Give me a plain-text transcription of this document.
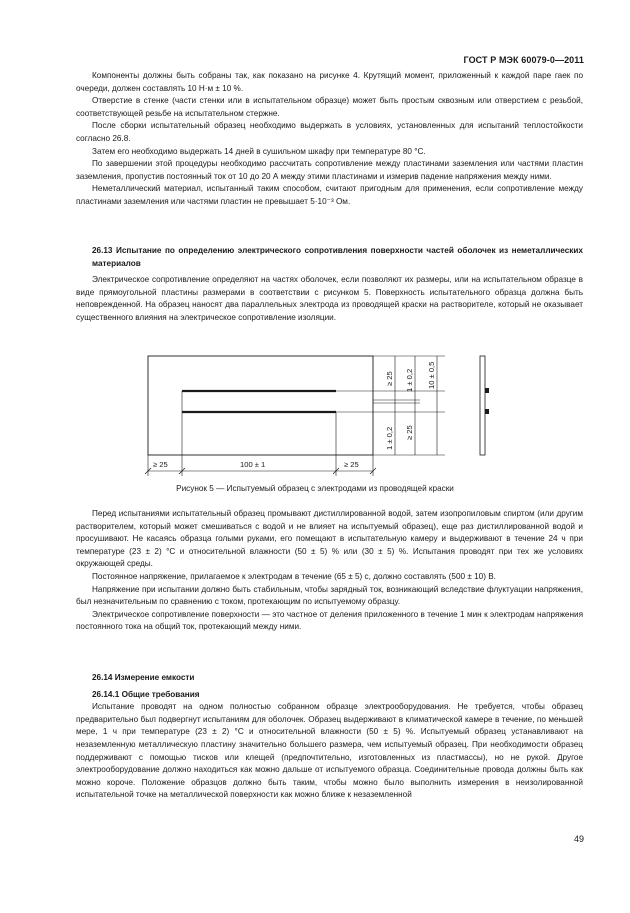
ГОСТ Р МЭК 60079-0—2011

Компоненты должны быть собраны так, как показано на рисунке 4. Крутящий момент, приложенный к каждой паре гаек по очереди, должен составлять 10 Н·м ± 10 %.

Отверстие в стенке (части стенки или в испытательном образце) может быть простым сквозным или отверстием с резьбой, соответствующей резьбе на испытательном стержне.

После сборки испытательный образец необходимо выдержать в условиях, установленных для испытаний теплостойкости согласно 26.8.

Затем его необходимо выдержать 14 дней в сушильном шкафу при температуре 80 °С.

По завершении этой процедуры необходимо рассчитать сопротивление между пластинами заземления или частями пластин заземления, пропустив постоянный ток от 10 до 20 А между этими пластинами и измерив падение напряжения между ними.

Неметаллический материал, испытанный таким способом, считают пригодным для применения, если сопротивление между пластинами заземления или частями пластин не превышает 5·10⁻³ Ом.

26.13 Испытание по определению электрического сопротивления поверхности частей оболочек из неметаллических материалов

Электрическое сопротивление определяют на частях оболочек, если позволяют их размеры, или на испытательном образце в виде прямоугольной пластины размерами в соответствии с рисунком 5. Поверхность испытательного образца должна быть неповрежденной. На образец наносят два параллельных электрода из проводящей краски на растворителе, который не оказывает существенного влияния на электрическое сопротивление изоляции.

≥ 25	100 ± 1	≥ 25
≥ 25 1 ± 0,2 10 ± 0,5
1 ± 0,2 ≥ 25
Рисунок 5 — Испытуемый образец с электродами из проводящей краски

Перед испытаниями испытательный образец промывают дистиллированной водой, затем изопропиловым спиртом (или другим растворителем, который может смешиваться с водой и не влияет на испытуемый образец), еще раз дистиллированной водой и просушивают. Не касаясь образца голыми руками, его помещают в испытательную камеру и выдерживают в течение 24 ч при температуре (23 ± 2) °С и относительной влажности (50 ± 5) % или (30 ± 5) %. Испытания проводят при тех же условиях окружающей среды.

Постоянное напряжение, прилагаемое к электродам в течение (65 ± 5) с, должно составлять (500 ± 10) В.

Напряжение при испытании должно быть стабильным, чтобы зарядный ток, возникающий вследствие флуктуации напряжения, был незначительным по сравнению с током, протекающим по испытуемому образцу.

Электрическое сопротивление поверхности — это частное от деления приложенного в течение 1 мин к электродам напряжения постоянного тока на общий ток, протекающий между ними.

26.14 Измерение емкости

26.14.1 Общие требования

Испытание проводят на одном полностью собранном образце электрооборудования. Не требуется, чтобы образец предварительно был подвергнут испытаниям для оболочек. Образец выдерживают в климатической камере в течение, по меньшей мере, 1 ч при температуре (23 ± 2) °С и относительной влажности (50 ± 5) %. Испытуемый образец устанавливают на незаземленную металлическую пластину значительно большего размера, чем испытуемый образец. При необходимости образец поддерживают с помощью тисков или клещей (предпочтительно, изготовленных из пластмассы), но не рукой. Другое электрооборудование должно находиться как можно дальше от испытуемого образца. Соединительные провода должны быть как можно короче. Положение образцов должно быть таким, чтобы можно было выполнить измерения в неизолированной испытательной точке на металлической поверхности как можно ближе к незаземленной

49
